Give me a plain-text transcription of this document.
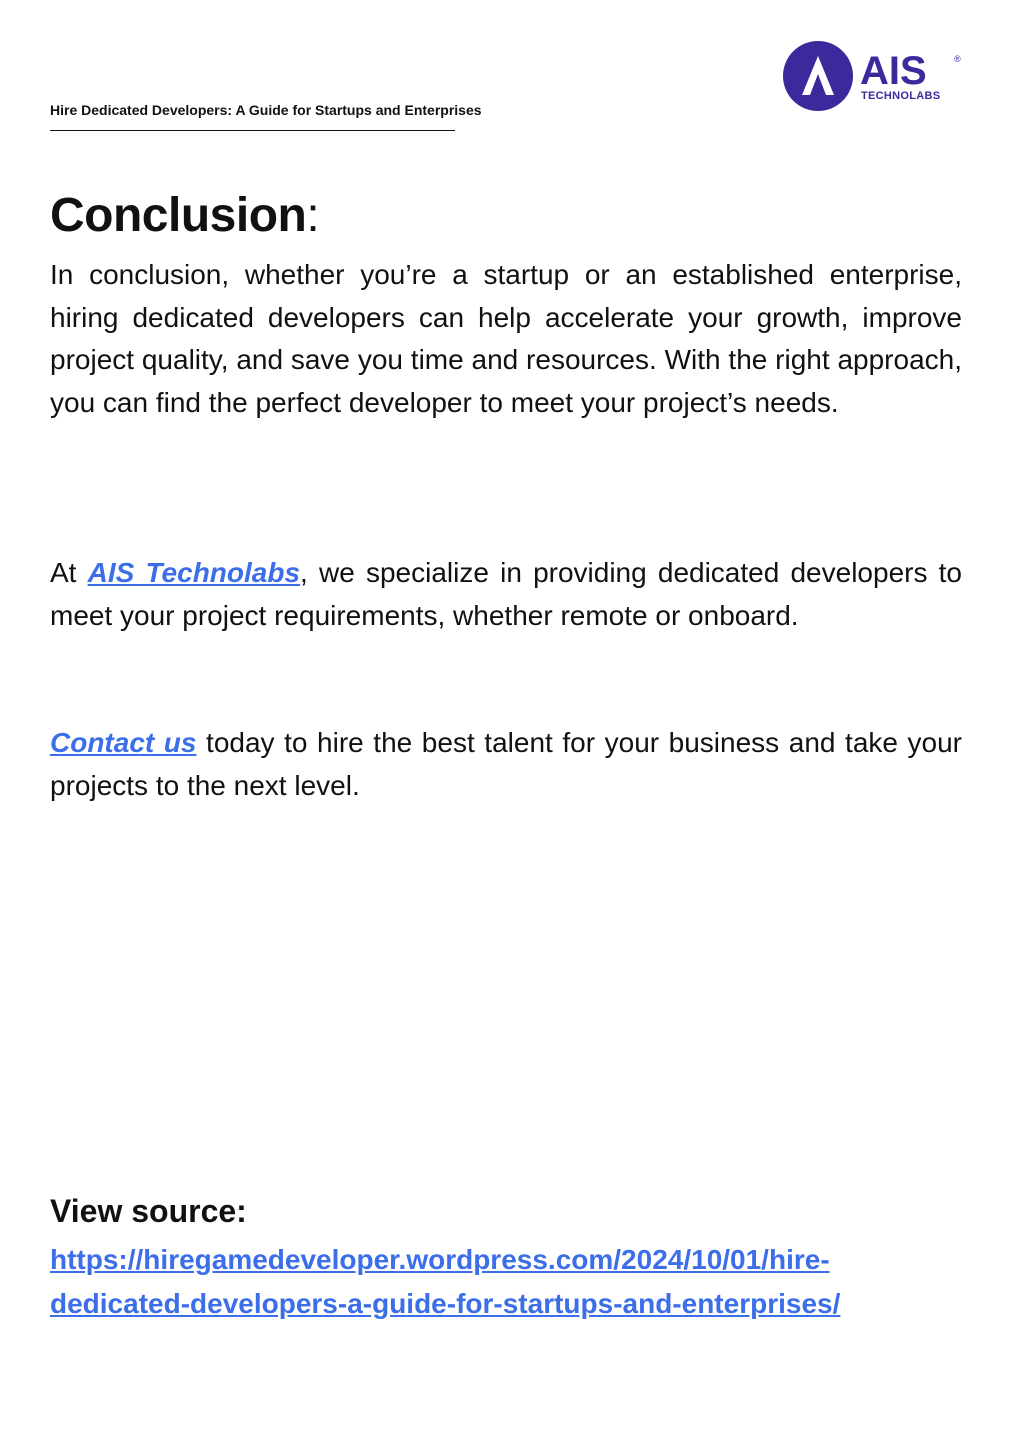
Hire Dedicated Developers: A Guide for Startups and Enterprises
AIS	®
TECHNOLABS
Conclusion:

In conclusion, whether you’re a startup or an established enterprise, hiring dedicated developers can help accelerate your growth, improve project quality, and save you time and resources. With the right approach, you can find the perfect developer to meet your project’s needs.

At AIS Technolabs, we specialize in providing dedicated developers to meet your project requirements, whether remote or onboard.

Contact us today to hire the best talent for your business and take your projects to the next level.

View source:

https://hiregamedeveloper.wordpress.com/2024/10/01/hire-
dedicated-developers-a-guide-for-startups-and-enterprises/
